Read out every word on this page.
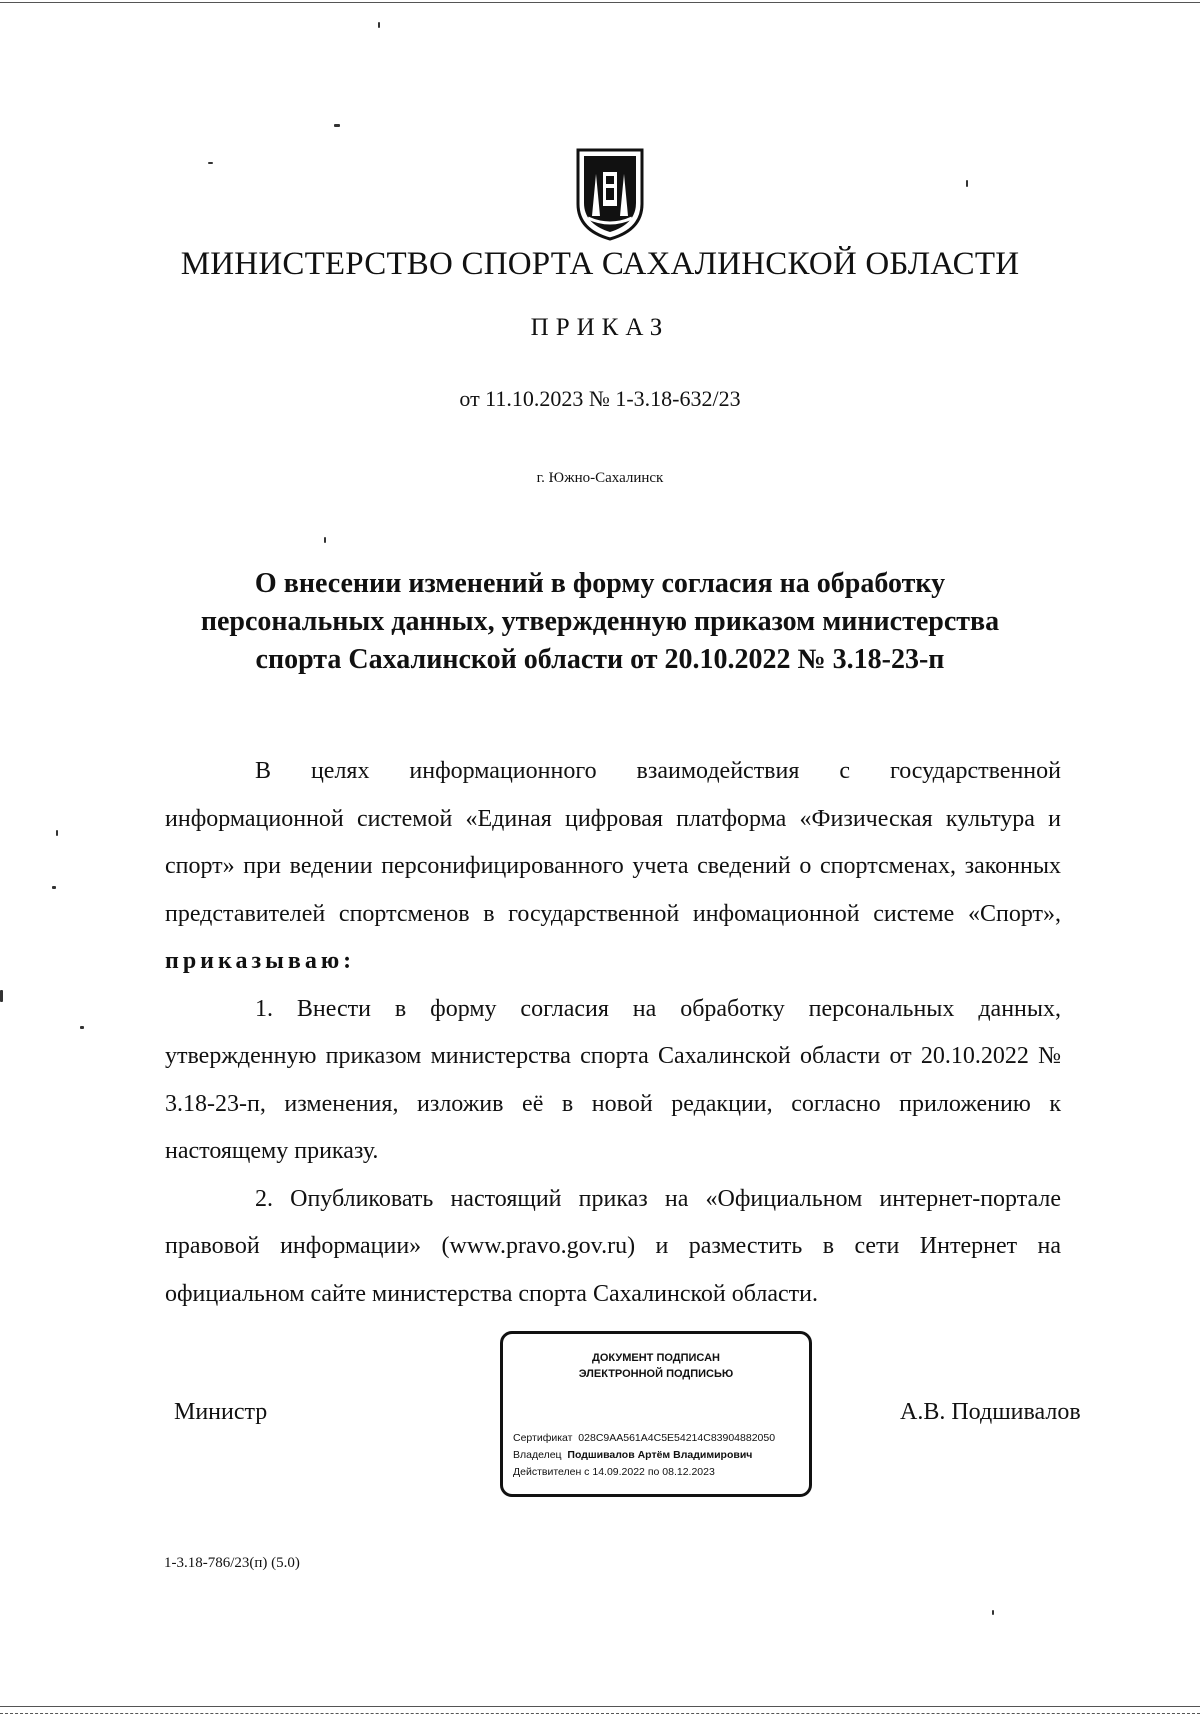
МИНИСТЕРСТВО СПОРТА САХАЛИНСКОЙ ОБЛАСТИ
ПРИКАЗ
от 11.10.2023 № 1-3.18-632/23
г. Южно-Сахалинск
О внесении изменений в форму согласия на обработку
персональных данных, утвержденную приказом министерства
спорта Сахалинской области от 20.10.2022 № 3.18-23-п

В целях информационного взаимодействия с государственной информационной системой «Единая цифровая платформа «Физическая культура и спорт» при ведении персонифицированного учета сведений о спортсменах, законных представителей спортсменов в государственной инфомационной системе «Спорт», приказываю:

1. Внести в форму согласия на обработку персональных данных, утвержденную приказом министерства спорта Сахалинской области от 20.10.2022 № 3.18-23-п, изменения, изложив её в новой редакции, согласно приложению к настоящему приказу.

2. Опубликовать настоящий приказ на «Официальном интернет-портале правовой информации» (www.pravo.gov.ru) и разместить в сети Интернет на официальном сайте министерства спорта Сахалинской области.

Министр
ДОКУМЕНТ ПОДПИСАН
ЭЛЕКТРОННОЙ ПОДПИСЬЮ
Сертификат 028C9AA561A4C5E54214C83904882050
Владелец Подшивалов Артём Владимирович
Действителен с 14.09.2022 по 08.12.2023
А.В. Подшивалов
1-3.18-786/23(п) (5.0)
